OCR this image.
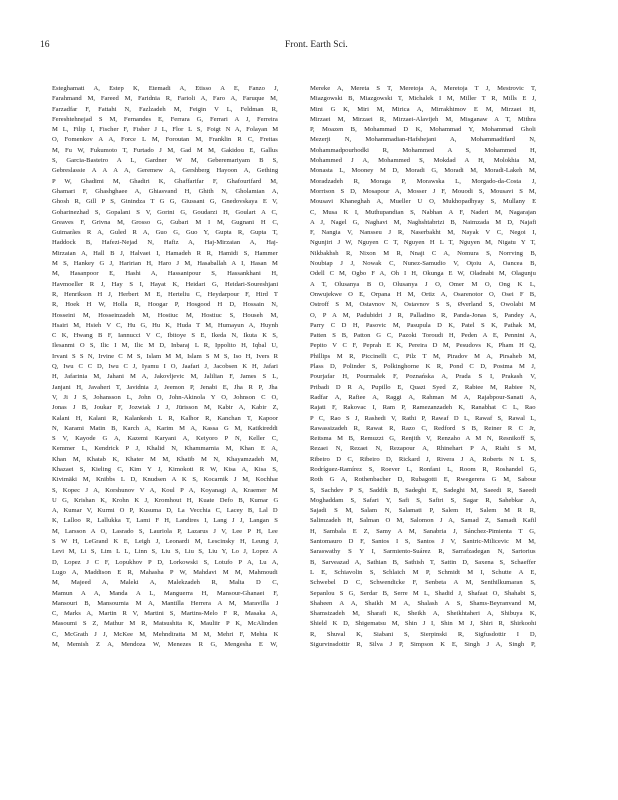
16	Front. Earth Sci.
Esteghamati A, Estep K, Etemadi A, Etisso A E, Fanzo J,
Farahmand M, Fareed M, Faridnia R, Farioli A, Faro A, Faruque M,
Farzadfar F, Fattahi N, Fazlzadeh M, Feigin V L, Feldman R,
Fereshtehnejad S M, Fernandes E, Ferrara G, Ferrari A J, Ferreira
M L, Filip I, Fischer F, Fisher J L, Flor L S, Foigt N A, Folayan M
O, Fomenkov A A, Force L M, Foroutan M, Franklin R C, Freitas
M, Fu W, Fukumoto T, Furtado J M, Gad M M, Gakidou E, Gallus
S, Garcia-Basteiro A L, Gardner W M, Geberemariyam B S,
Gebreslassie A A A A, Geremew A, Gershberg Hayoon A, Gething
P W, Ghadimi M, Ghadiri K, Ghaffarifar F, Ghafourifard M,
Ghamari F, Ghashghaee A, Ghiasvand H, Ghith N, Gholamian A,
Ghosh R, Gill P S, Ginindza T G G, Giussani G, Gnedovskaya E V,
Goharinezhad S, Gopalani S V, Gorini G, Goudarzi H, Goulart A C,
Greaves F, Grivna M, Grosso G, Gubari M I M, Gugnani H C,
Guimarães R A, Guled R A, Guo G, Guo Y, Gupta R, Gupta T,
Haddock B, Hafezi-Nejad N, Hafiz A, Haj-Mirzaian A, Haj-
Mirzaian A, Hall B J, Halvaei I, Hamadeh R R, Hamidi S, Hammer
M S, Hankey G J, Haririan H, Haro J M, Hasaballah A I, Hasan M
M, Hasanpoor E, Hashi A, Hassanipour S, Hassankhani H,
Havmoeller R J, Hay S I, Hayat K, Heidari G, Heidari-Soureshjani
R, Henrikson H J, Herbert M E, Herteliu C, Heydarpour F, Hird T
R, Hoek H W, Holla R, Hoogar P, Hosgood H D, Hossain N,
Hosseini M, Hosseinzadeh M, Hostiuc M, Hostiuc S, Househ M,
Hsairi M, Hsieh V C, Hu G, Hu K, Huda T M, Humayun A, Huynh
C K, Hwang B F, Iannucci V C, Ibitoye S E, Ikeda N, Ikuta K S,
Ilesanmi O S, Ilic I M, Ilic M D, Inbaraj L R, Ippolito H, Iqbal U,
Irvani S S N, Irvine C M S, Islam M M, Islam S M S, Iso H, Ivers R
Q, Iwu C C D, Iwu C J, Iyamu I O, Jaafari J, Jacobsen K H, Jafari
H, Jafarinia M, Jahani M A, Jakovljevic M, Jalilian F, James S L,
Janjani H, Javaheri T, Javidnia J, Jeemon P, Jenabi E, Jha R P, Jha
V, Ji J S, Johansson L, John O, John-Akinola Y O, Johnson C O,
Jonas J B, Joukar F, Jozwiak J J, Jürisson M, Kabir A, Kabir Z,
Kalani H, Kalani R, Kalankesh L R, Kalhor R, Kanchan T, Kapoor
N, Karami Matin B, Karch A, Karim M A, Kassa G M, Katikireddi
S V, Kayode G A, Kazemi Karyani A, Keiyoro P N, Keller C,
Kemmer L, Kendrick P J, Khalid N, Khammarnia M, Khan E A,
Khan M, Khatab K, Khater M M, Khatib M N, Khayamzadeh M,
Khazaei S, Kieling C, Kim Y J, Kimokoti R W, Kisa A, Kisa S,
Kivimäki M, Knibbs L D, Knudsen A K S, Kocarnik J M, Kochhar
S, Kopec J A, Korshunov V A, Koul P A, Koyanagi A, Kraemer M
U G, Krishan K, Krohn K J, Kromhout H, Kuate Defo B, Kumar G
A, Kumar V, Kurmi O P, Kusuma D, La Vecchia C, Lacey B, Lal D
K, Lalloo R, Lallukka T, Lami F H, Landires I, Lang J J, Langan S
M, Larsson A O, Lasrado S, Lauriola P, Lazarus J V, Lee P H, Lee
S W H, LeGrand K E, Leigh J, Leonardi M, Lescinsky H, Leung J,
Levi M, Li S, Lim L L, Linn S, Liu S, Liu S, Liu Y, Lo J, Lopez A
D, Lopez J C F, Lopukhov P D, Lorkowski S, Lotufo P A, Lu A,
Lugo A, Maddison E R, Mahasha P W, Mahdavi M M, Mahmoudi
M, Majeed A, Maleki A, Malekzadeh R, Malta D C,
Mamun A A, Manda A L, Manguerra H, Mansour-Ghanaei F,
Mansouri B, Mansournia M A, Mantilla Herrera A M, Maravilla J
C, Marks A, Martin R V, Martini S, Martins-Melo F R, Masaka A,
Masoumi S Z, Mathur M R, Matsushita K, Mauliir P K, McAlinden
C, McGrath J J, McKee M, Mehndiratta M M, Mehri F, Mehta K
M, Memish Z A, Mendoza W, Menezes R G, Mengesha E W,
Mereke A, Mereta S T, Meretoja A, Meretoja T J, Mestrovic T,
Miazgowski B, Miazgowski T, Michalek I M, Miller T R, Mills E J,
Mini G K, Miri M, Mirica A, Mirrakhimov E M, Mirzaei H,
Mirzaei M, Mirzaei R, Mirzaei-Alavijeh M, Misganaw A T, Mithra
P, Moazen B, Mohammad D K, Mohammad Y, Mohammad Gholi
Mezerji N, Mohammadian-Hafshejani A, Mohammadifard N,
Mohammadpourhodki R, Mohammed A S, Mohammed H,
Mohammed J A, Mohammed S, Mokdad A H, Molokhia M,
Monasta L, Mooney M D, Moradi G, Moradi M, Moradi-Lakeh M,
Moradzadeh R, Moraga P, Morawska L, Morgado-da-Costa J,
Morrison S D, Mosapour A, Mosser J F, Mouodi S, Mousavi S M,
Mousavi Khaneghah A, Mueller U O, Mukhopadhyay S, Mullany E
C, Musa K I, Muthupandian S, Nabhan A F, Naderi M, Nagarajan
A J, Nagel G, Naghavi M, Naghshtabrizi B, Naimzada M D, Najafi
F, Nangia V, Nansseu J R, Naserbakht M, Nayak V C, Negoi I,
Ngunjiri J W, Nguyen C T, Nguyen H L T, Nguyen M, Nigatu Y T,
Nikbakhsh R, Nixon M R, Nnaji C A, Nomura S, Norrving B,
Noubiap J J, Nowak C, Nunez-Samudio V, Oţoiu A, Oancea B,
Odell C M, Ogbo F A, Oh I H, Okunga E W, Oladnabi M, Olagunju
A T, Olusanya B O, Olusanya J O, Omer M O, Ong K L,
Onwujekwe O E, Orpana H M, Ortiz A, Osarenotor O, Osei F B,
Ostroff S M, Ostavnov N, Ostavnov S S, Øverland S, Owolabi M
O, P A M, Padubidri J R, Palladino R, Panda-Jonas S, Pandey A,
Parry C D H, Pasovic M, Pasupula D K, Patel S K, Pathak M,
Patten S B, Patton G C, Pazoki Toroudi H, Peden A E, Pennini A,
Pepito V C F, Peprah E K, Pereira D M, Pesudovs K, Pham H Q,
Phillips M R, Piccinelli C, Pilz T M, Piradov M A, Pirsaheb M,
Plass D, Polinder S, Polkinghorne K R, Pond C D, Postma M J,
Pourjafar H, Pourmalek F, Poznańska A, Prada S I, Prakash V,
Pribadi D R A, Pupillo E, Quazi Syed Z, Rabiee M, Rabiee N,
Radfar A, Rafiee A, Raggi A, Rahman M A, Rajabpour-Sanati A,
Rajati F, Rakovac I, Ram P, Ramezanzadeh K, Ranabhat C L, Rao
P C, Rao S J, Rashedi V, Rathi P, Rawaf D L, Rawaf S, Rawal L,
Rawassizadeh R, Rawat R, Razo C, Redford S B, Reiner R C Jr,
Reitsma M B, Remuzzi G, Renjith V, Renzaho A M N, Resnikoff S,
Rezaei N, Rezaei N, Rezapour A, Rhinehart P A, Riahi S M,
Ribeiro D C, Ribeiro D, Rickard J, Rivera J A, Roberts N L S,
Rodríguez-Ramírez S, Roever L, Ronfani L, Room R, Roshandel G,
Roth G A, Rothenbacher D, Rubagotti E, Rwegerera G M, Sabour
S, Sachdev P S, Saddik B, Sadeghi E, Sadeghi M, Saeedi R, Saeedi
Moghaddam S, Safari Y, Safi S, Safiri S, Sagar R, Sahebkar A,
Sajadi S M, Salam N, Salamati P, Salem H, Salem M R R,
Salimzadeh H, Salman O M, Salomon J A, Samad Z, Samadi Kafil
H, Sambala E Z, Samy A M, Sanabria J, Sánchez-Pimienta T G,
Santomauro D F, Santos I S, Santos J V, Santric-Milicevic M M,
Saraswathy S Y I, Sarmiento-Suárez R, Sarrafzadegan N, Sartorius
B, Sarveazad A, Sathian B, Sathish T, Sattin D, Saxena S, Schaeffer
L E, Schiavolin S, Schlaich M P, Schmidt M I, Schutte A E,
Schwebel D C, Schwendicke F, Senbeta A M, Senthilkumaran S,
Sepanlou S G, Serdar B, Serre M L, Shadid J, Shafaat O, Shahabi S,
Shaheen A A, Shaikh M A, Shalash A S, Shams-Beyranvand M,
Shamsizadeh M, Sharafi K, Sheikh A, Sheikhtaheri A, Shibuya K,
Shield K D, Shigematsu M, Shin J I, Shin M J, Shiri R, Shirkoohi
R, Shuval K, Siabani S, Sierpinski R, Sigfusdottir I D,
Sigurvinsdottir R, Silva J P, Simpson K E, Singh J A, Singh P,
